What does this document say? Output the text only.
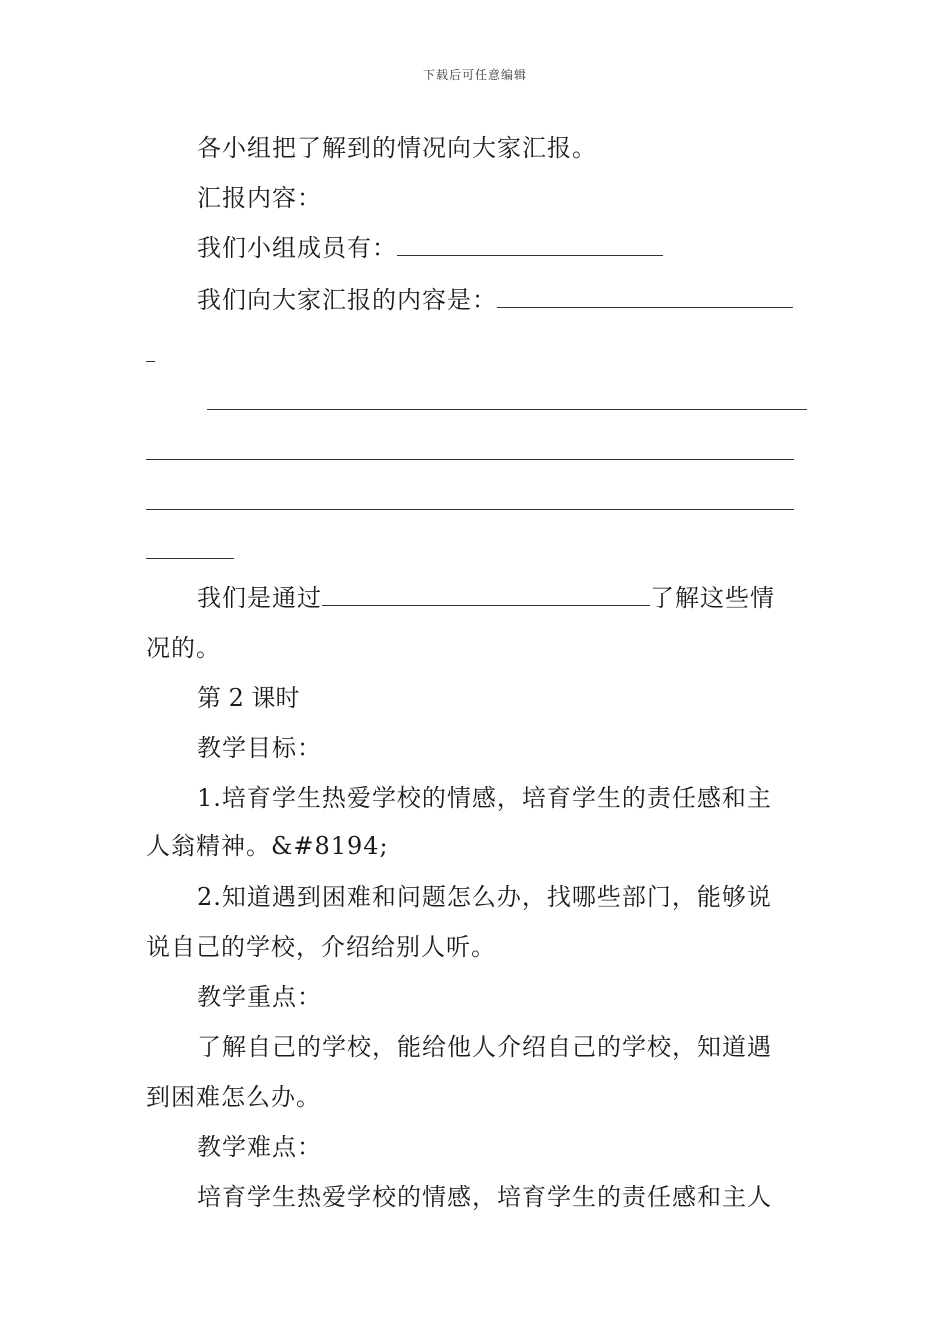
下载后可任意编辑
各小组把了解到的情况向大家汇报。
汇报内容：
我们小组成员有：
我们向大家汇报的内容是：
我们是通过	了解这些情
况的。
第 2 课时
教学目标：
1.培育学生热爱学校的情感，培育学生的责任感和主
人翁精神。&#8194;
2.知道遇到困难和问题怎么办，找哪些部门，能够说
说自己的学校，介绍给别人听。
教学重点：
了解自己的学校，能给他人介绍自己的学校，知道遇
到困难怎么办。
教学难点：
培育学生热爱学校的情感，培育学生的责任感和主人
